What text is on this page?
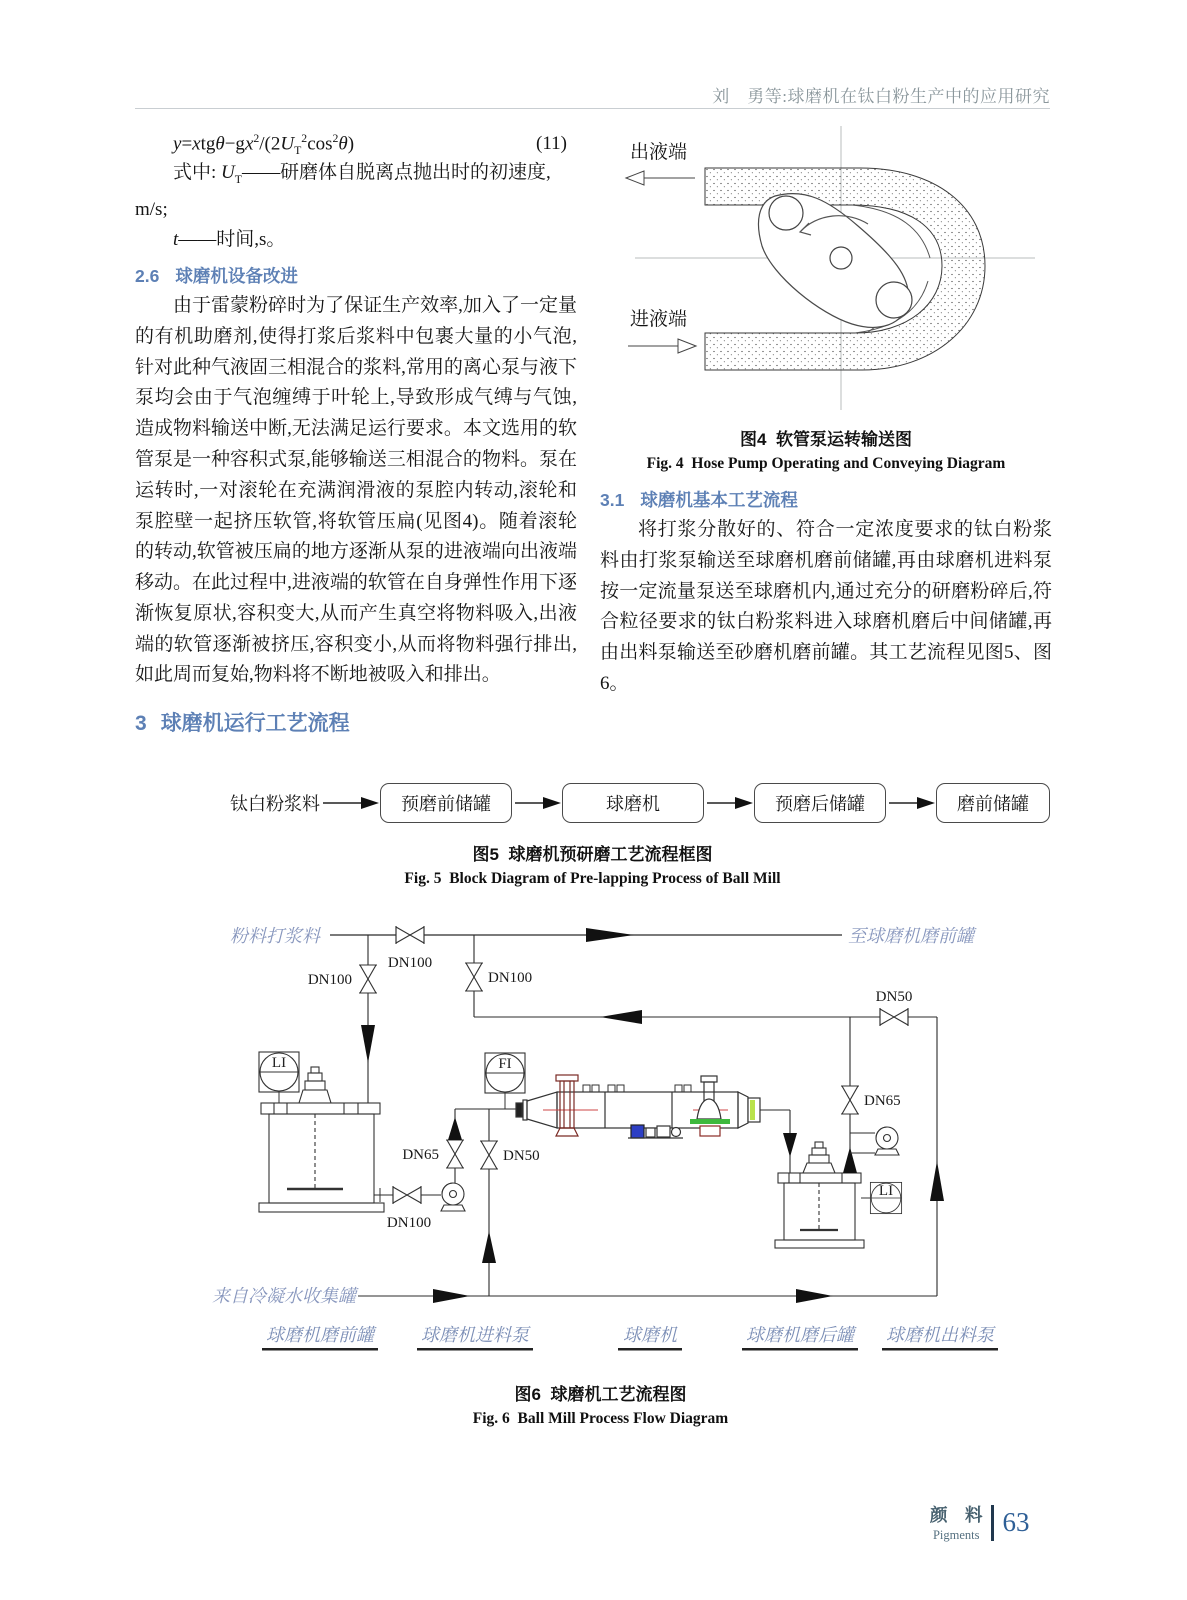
刘　勇等:球磨机在钛白粉生产中的应用研究
$y=xtg\theta-gx^2/(2U_T^2\cos^2\theta)$	(11)
式中: $U_T——$研磨体自脱离点抛出时的初速度,
m/s;
t——时间,s。
2.6 球磨机设备改进
由于雷蒙粉碎时为了保证生产效率,加入了一定量的有机助磨剂,使得打浆后浆料中包裹大量的小气泡,针对此种气液固三相混合的浆料,常用的离心泵与液下泵均会由于气泡缠缚于叶轮上,导致形成气缚与气蚀,造成物料输送中断,无法满足运行要求。本文选用的软管泵是一种容积式泵,能够输送三相混合的物料。泵在运转时,一对滚轮在充满润滑液的泵腔内转动,滚轮和泵腔壁一起挤压软管,将软管压扁(见图4)。随着滚轮的转动,软管被压扁的地方逐渐从泵的进液端向出液端移动。在此过程中,进液端的软管在自身弹性作用下逐渐恢复原状,容积变大,从而产生真空将物料吸入,出液端的软管逐渐被挤压,容积变小,从而将物料强行排出,如此周而复始,物料将不断地被吸入和排出。
3 球磨机运行工艺流程
出液端
进液端
图4  软管泵运转输送图
Fig. 4  Hose Pump Operating and Conveying Diagram
3.1 球磨机基本工艺流程
将打浆分散好的、符合一定浓度要求的钛白粉浆料由打浆泵输送至球磨机磨前储罐,再由球磨机进料泵按一定流量泵送至球磨机内,通过充分的研磨粉碎后,符合粒径要求的钛白粉浆料进入球磨机磨后中间储罐,再由出料泵输送至砂磨机磨前罐。其工艺流程见图5、图6。
钛白粉浆料	预磨前储罐	球磨机	预磨后储罐	磨前储罐
图5  球磨机预研磨工艺流程框图
Fig. 5  Block Diagram of Pre-lapping Process of Ball Mill
粉料打浆料
DN100
至球磨机磨前罐
DN100	DN100
DN50
LI
DN100
DN65
FI
DN50
LI
DN65
来自冷凝水收集罐
球磨机磨前罐	球磨机进料泵	球磨机	球磨机磨后罐 球磨机出料泵
图6  球磨机工艺流程图
Fig. 6  Ball Mill Process Flow Diagram
颜　料
Pigments 63
